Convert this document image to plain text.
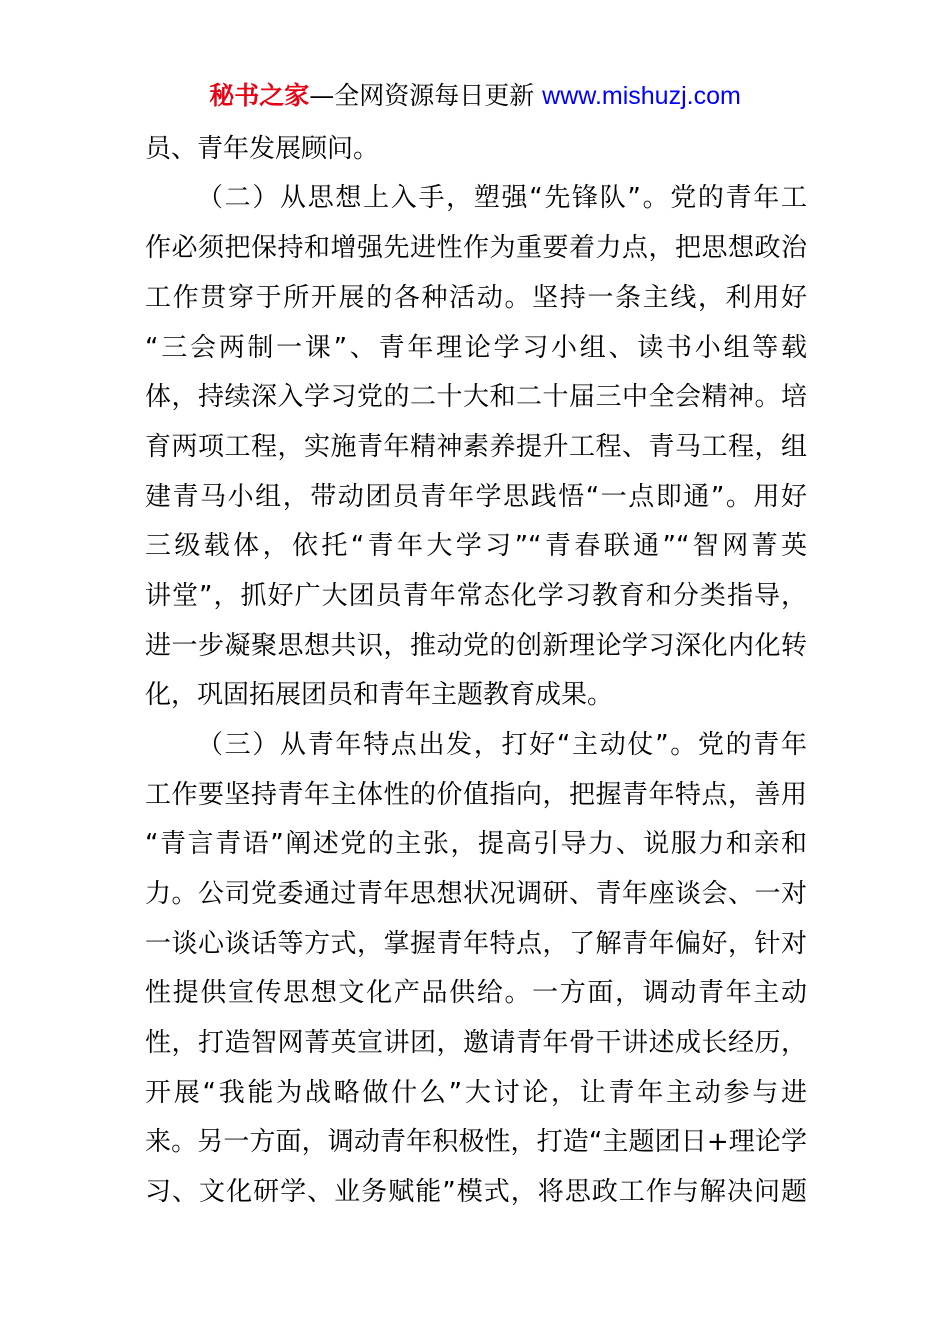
秘书之家—全网资源每日更新 www.mishuzj.com
员、青年发展顾问。
（二）从思想上入手，塑强“先锋队”。党的青年工
作必须把保持和增强先进性作为重要着力点，把思想政治
工作贯穿于所开展的各种活动。坚持一条主线，利用好
“三会两制一课”、青年理论学习小组、读书小组等载
体，持续深入学习党的二十大和二十届三中全会精神。培
育两项工程，实施青年精神素养提升工程、青马工程，组
建青马小组，带动团员青年学思践悟“一点即通”。用好
三级载体，依托“青年大学习”“青春联通”“智网菁英
讲堂”，抓好广大团员青年常态化学习教育和分类指导，
进一步凝聚思想共识，推动党的创新理论学习深化内化转
化，巩固拓展团员和青年主题教育成果。
（三）从青年特点出发，打好“主动仗”。党的青年
工作要坚持青年主体性的价值指向，把握青年特点，善用
“青言青语”阐述党的主张，提高引导力、说服力和亲和
力。公司党委通过青年思想状况调研、青年座谈会、一对
一谈心谈话等方式，掌握青年特点，了解青年偏好，针对
性提供宣传思想文化产品供给。一方面，调动青年主动
性，打造智网菁英宣讲团，邀请青年骨干讲述成长经历，
开展“我能为战略做什么”大讨论，让青年主动参与进
来。另一方面，调动青年积极性，打造“主题团日+理论学
习、文化研学、业务赋能”模式，将思政工作与解决问题
